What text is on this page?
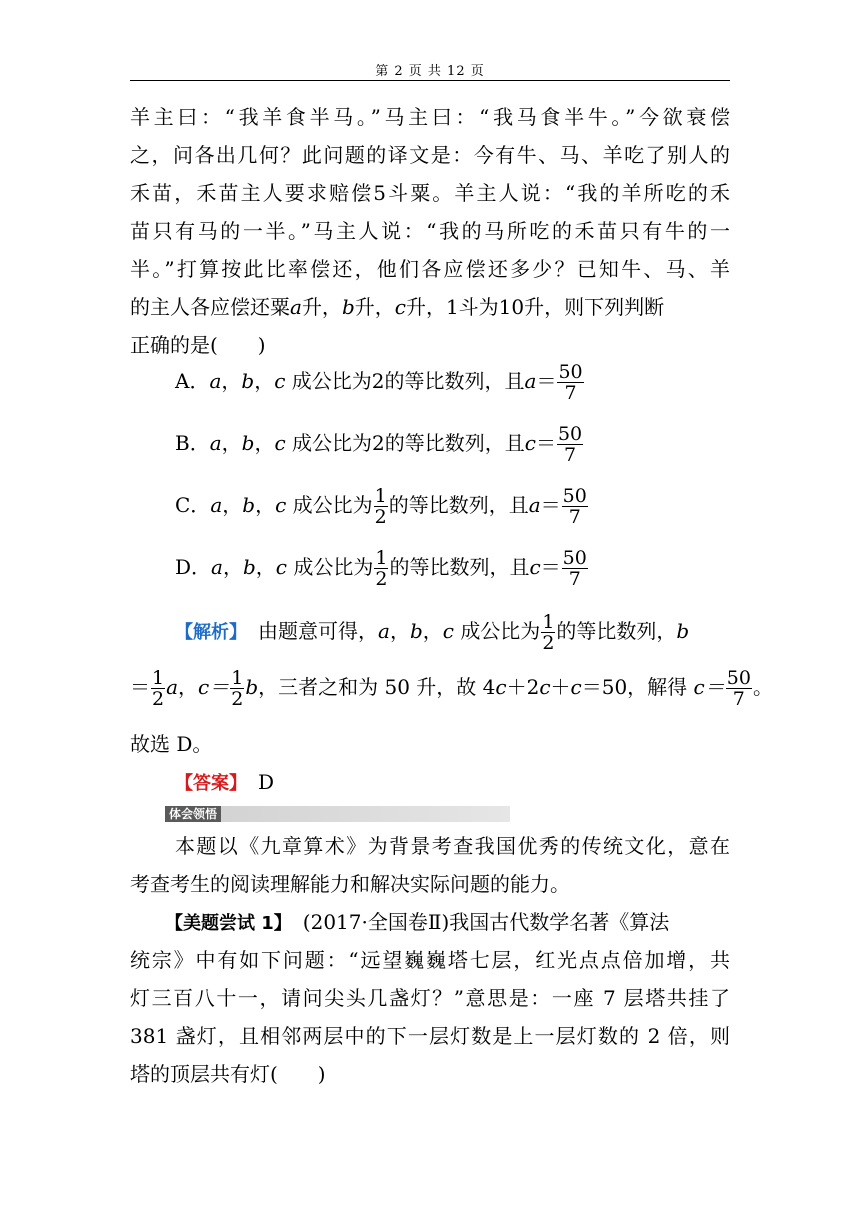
第 2 页 共 12 页
羊主曰：“我羊食半马。”马主曰：“我马食半牛。”今欲衰偿
之，问各出几何？此问题的译文是：今有牛、马、羊吃了别人的
禾苗，禾苗主人要求赔偿5斗粟。羊主人说：“我的羊所吃的禾
苗只有马的一半。”马主人说：“我的马所吃的禾苗只有牛的一
半。”打算按此比率偿还，他们各应偿还多少？已知牛、马、羊
的主人各应偿还粟a升，b升，c升，1斗为10升，则下列判断
正确的是(　　)
A．a，b，c 成公比为2的等比数列，且$a= \frac{50}{7}$
B．a，b，c 成公比为2的等比数列，且$c= \frac{50}{7}$
C．a，b，c 成公比为 $\frac{1}{2}$ 的等比数列，且$a= \frac{50}{7}$
D．a，b，c 成公比为 $\frac{1}{2}$ 的等比数列，且$c= \frac{50}{7}$
【解析】　 由题意可得，a，b，c 成公比为 $\frac{1}{2}$ 的等比数列，b
＝ $\frac{1}{2}$ a，$c= \frac{1}{2}$ b，三者之和为 50 升，故 4c＋2c＋c＝50，解得 $c= \frac{50}{7}$ 。
故选 D。
【答案】　 D
体会领悟
本题以《九章算术》为背景考查我国优秀的传统文化，意在
考查考生的阅读理解能力和解决实际问题的能力。
【美题尝试 1】　 (2017·全国卷Ⅱ)我国古代数学名著《算法
统宗》中有如下问题：“远望巍巍塔七层，红光点点倍加增，共
灯三百八十一，请问尖头几盏灯？”意思是：一座 7 层塔共挂了
381 盏灯，且相邻两层中的下一层灯数是上一层灯数的 2 倍，则
塔的顶层共有灯(　　)
